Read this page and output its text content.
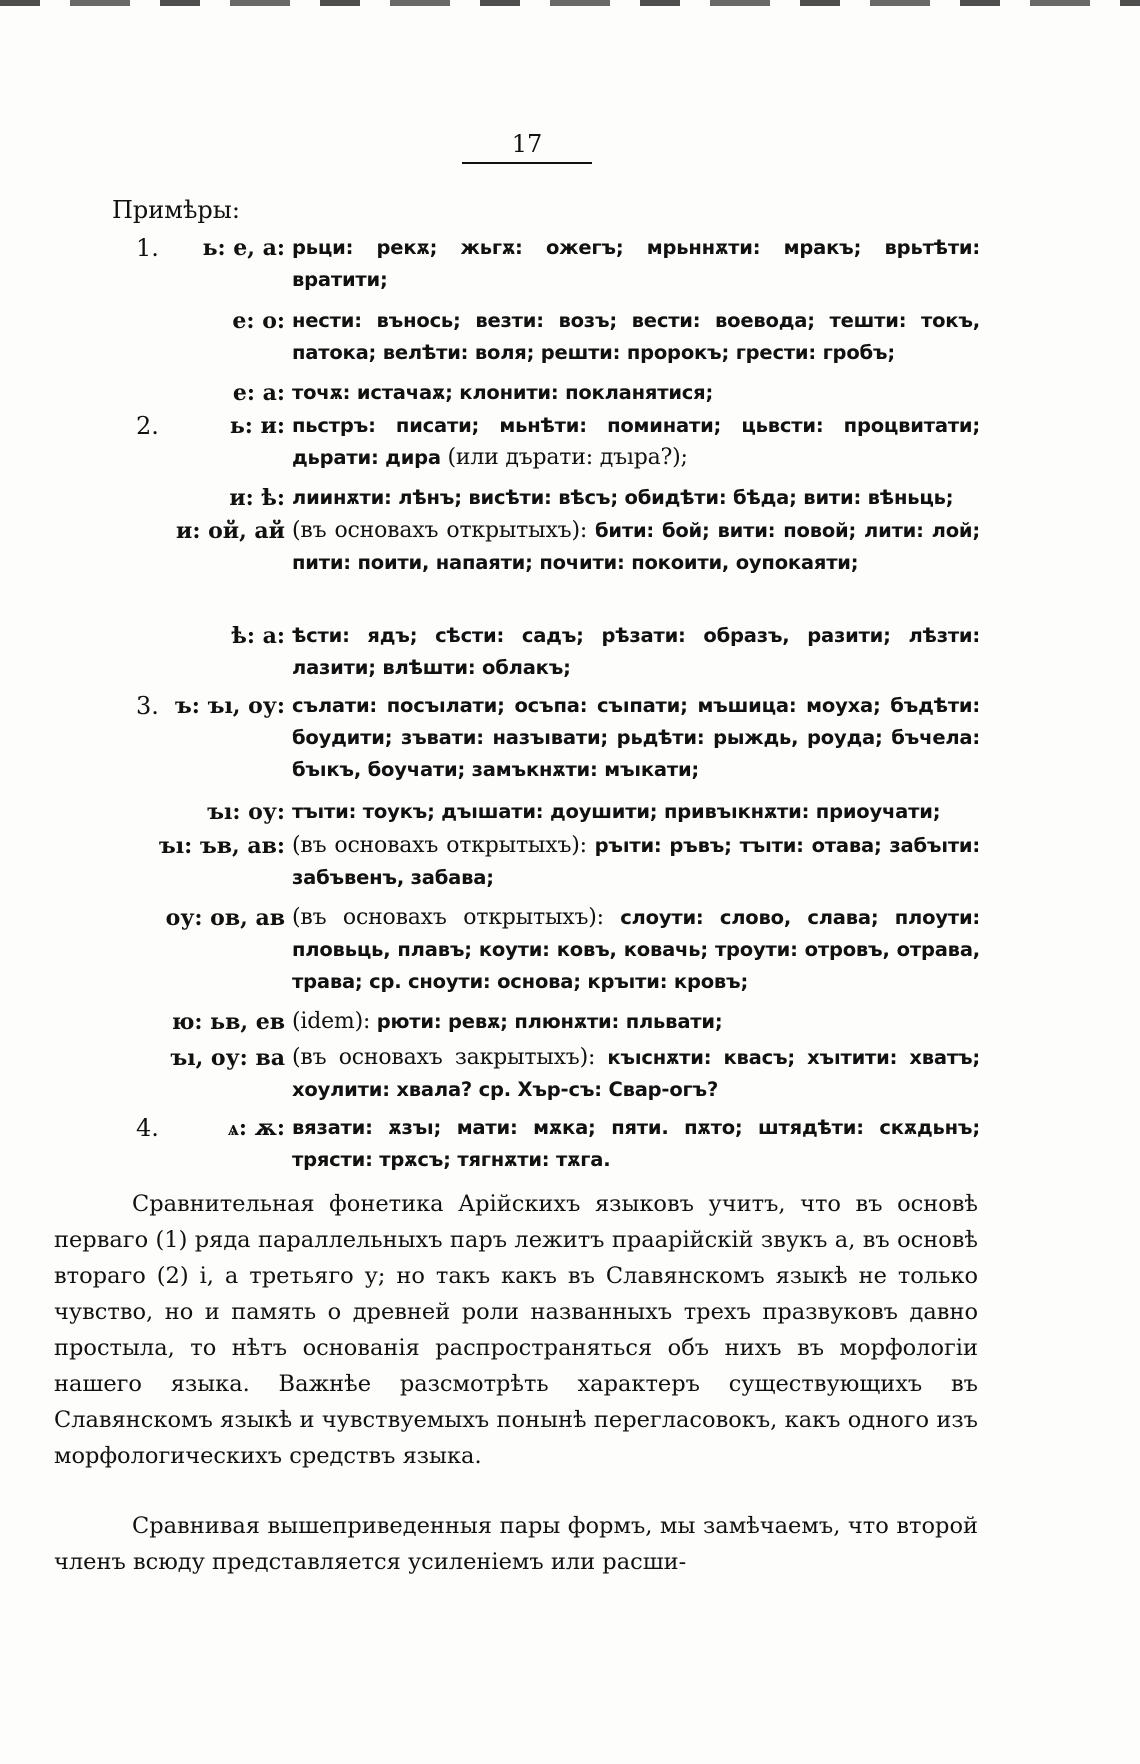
17
Примѣры:
1.	ь: е, а: рьци: рекѫ; жьгѫ: ожегъ; мрьннѫти: мракъ; врьтѣти: вратити;
е: о: нести: вънось; везти: возъ; вести: воевода; тешти: токъ, патока; велѣти: воля; решти: пророкъ; грести: гробъ;
е: а: точѫ: истачаѫ; клонити: покланятися;
2.	ь: и: пьстръ: писати; мьнѣти: поминати; цьвсти: процвитати; дьрати: дира (или дърати: дъıра?);
и: ѣ: лиинѫти: лѣнъ; висѣти: вѣсъ; обидѣти: бѣда; вити: вѣньць;
и: ой, ай (въ основахъ открытыхъ): бити: бой; вити: повой; лити: лой; пити: поити, напаяти; почити: покоити, оупокаяти;
ѣ: а: ѣсти: ядъ; сѣсти: садъ; рѣзати: образъ, разити; лѣзти: лазити; влѣшти: облакъ;
3. ъ: ъı, оу: сълати: посъıлати; осъпа: съıпати; мъшица: моуха; бъдѣти: боудити; зъвати: назъıвати; рьдѣти: рыждь, роуда; бъчела: бъıкъ, боучати; замъкнѫти: мъıкати;
ъı: оу: тъıти: тоукъ; дъıшати: доушити; привъıкнѫти: приоучати;
ъı: ъв, ав: (въ основахъ открытыхъ): ръıти: ръвъ; тъıти: отава; забъıти: забъвенъ, забава;
оу: ов, ав (въ основахъ открытыхъ): слоути: слово, слава; плоути: пловьць, плавъ; коути: ковъ, ковачь; троути: отровъ, отрава, трава; ср. сноути: основа; кръıти: кровъ;
ю: ьв, ев (idem): рюти: ревѫ; плюнѫти: пльвати;
ъı, оу: ва (въ основахъ закрытыхъ): къıснѫти: квасъ; хъıтити: хватъ; хоулити: хвала? ср. Хър-съ: Свар-огъ?
4.	ѧ: ѫ: вязати: ѫзъı; мати: мѫка; пяти. пѫто; штядѣти: скѫдьнъ; трясти: трѫсъ; тягнѫти: тѫга.
Сравнительная фонетика Арійскихъ языковъ учитъ, что въ основѣ перваго (1) ряда параллельныхъ паръ лежитъ праарійскій звукъ а, въ основѣ втораго (2) і, а третьяго у; но такъ какъ въ Славянскомъ языкѣ не только чувство, но и память о древней роли названныхъ трехъ празвуковъ давно простыла, то нѣтъ основанія распространяться объ нихъ въ морфологіи нашего языка. Важнѣе разсмотрѣть характеръ существующихъ въ Славянскомъ языкѣ и чувствуемыхъ понынѣ перегласовокъ, какъ одного изъ морфологическихъ средствъ языка.
Сравнивая вышеприведенныя пары формъ, мы замѣчаемъ, что второй членъ всюду представляется усиленіемъ или расши-
